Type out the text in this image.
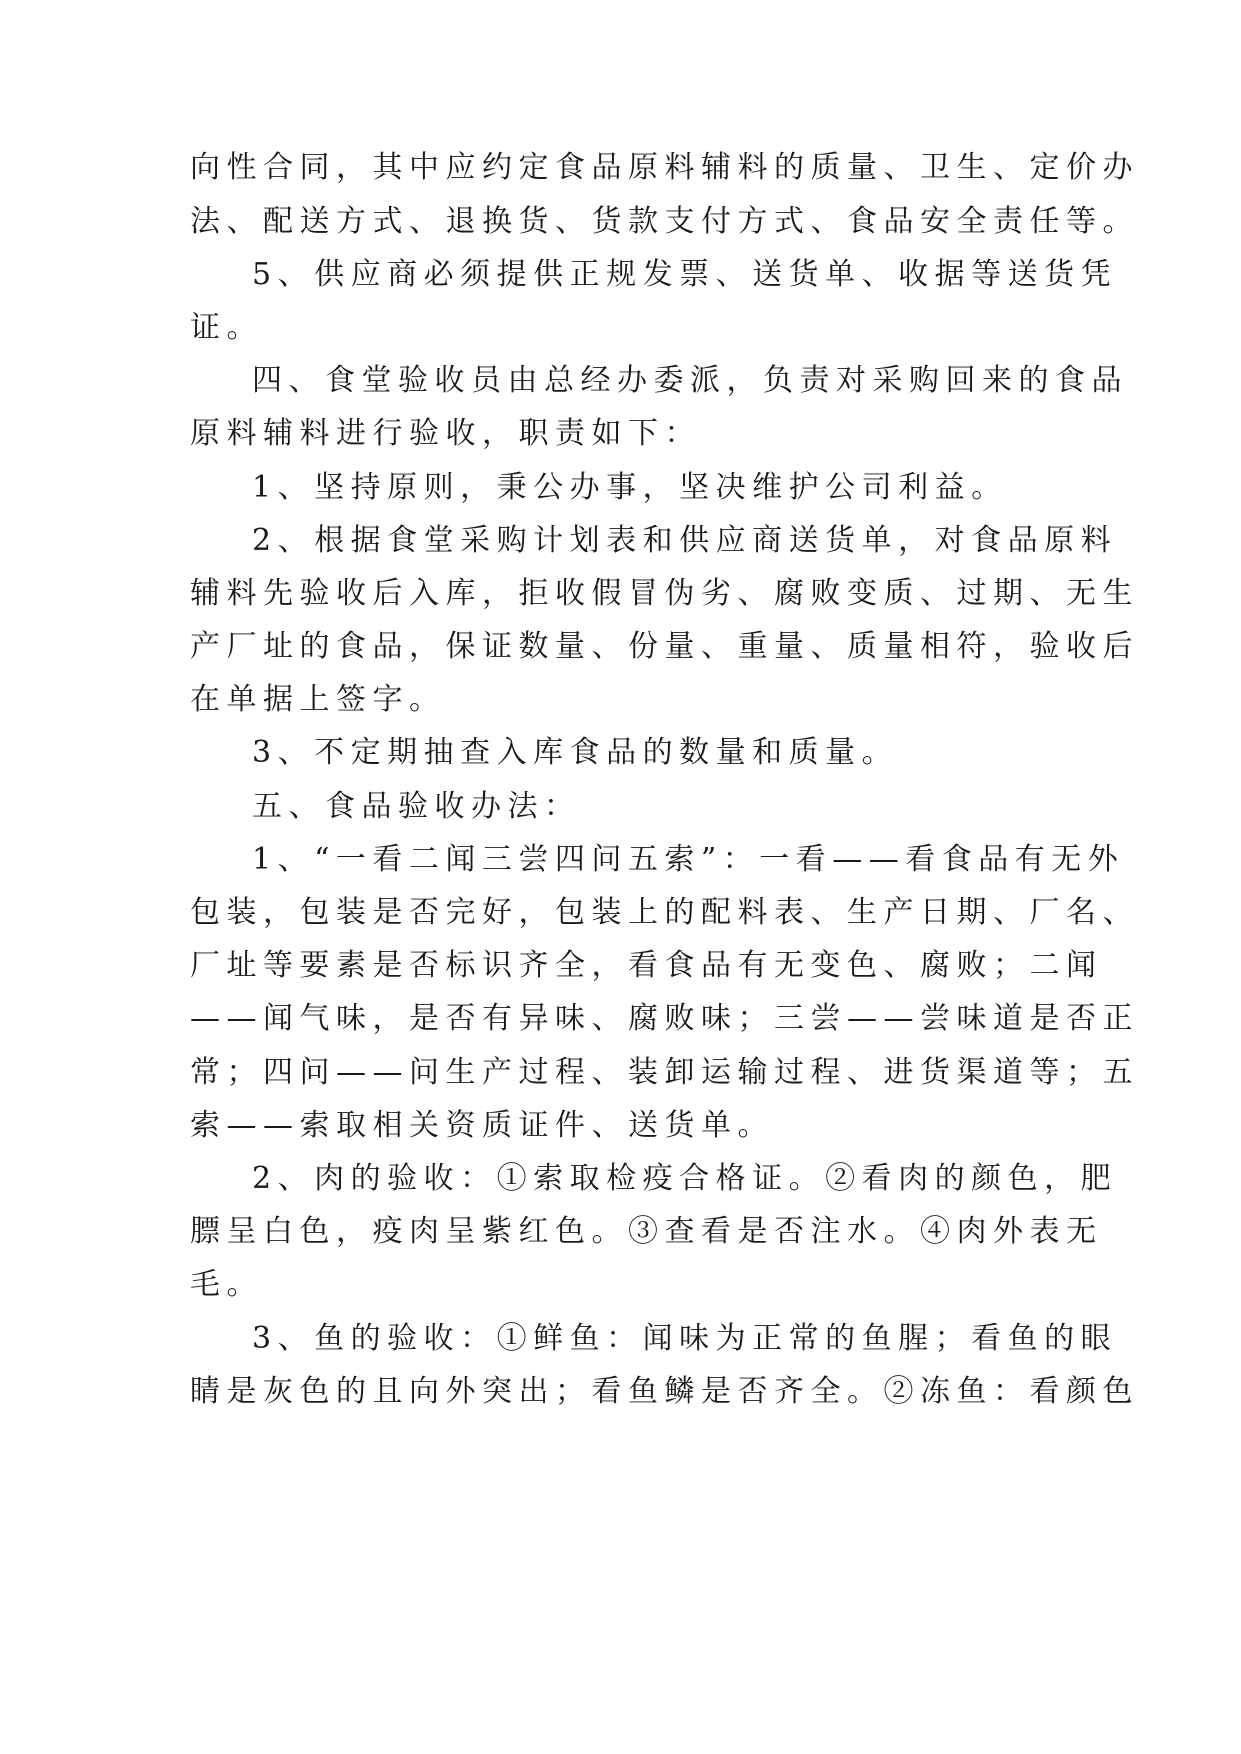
向性合同，其中应约定食品原料辅料的质量、卫生、定价办
法、配送方式、退换货、货款支付方式、食品安全责任等。
5、供应商必须提供正规发票、送货单、收据等送货凭
证。
四、食堂验收员由总经办委派，负责对采购回来的食品
原料辅料进行验收，职责如下：
1、坚持原则，秉公办事，坚决维护公司利益。
2、根据食堂采购计划表和供应商送货单，对食品原料
辅料先验收后入库，拒收假冒伪劣、腐败变质、过期、无生
产厂址的食品，保证数量、份量、重量、质量相符，验收后
在单据上签字。
3、不定期抽查入库食品的数量和质量。
五、食品验收办法：
1、“一看二闻三尝四问五索”：一看——看食品有无外
包装，包装是否完好，包装上的配料表、生产日期、厂名、
厂址等要素是否标识齐全，看食品有无变色、腐败；二闻
——闻气味，是否有异味、腐败味；三尝——尝味道是否正
常；四问——问生产过程、装卸运输过程、进货渠道等；五
索——索取相关资质证件、送货单。
2、肉的验收：①索取检疫合格证。②看肉的颜色，肥
膘呈白色，疫肉呈紫红色。③查看是否注水。④肉外表无
毛。
3、鱼的验收：①鲜鱼：闻味为正常的鱼腥；看鱼的眼
睛是灰色的且向外突出；看鱼鳞是否齐全。②冻鱼：看颜色
